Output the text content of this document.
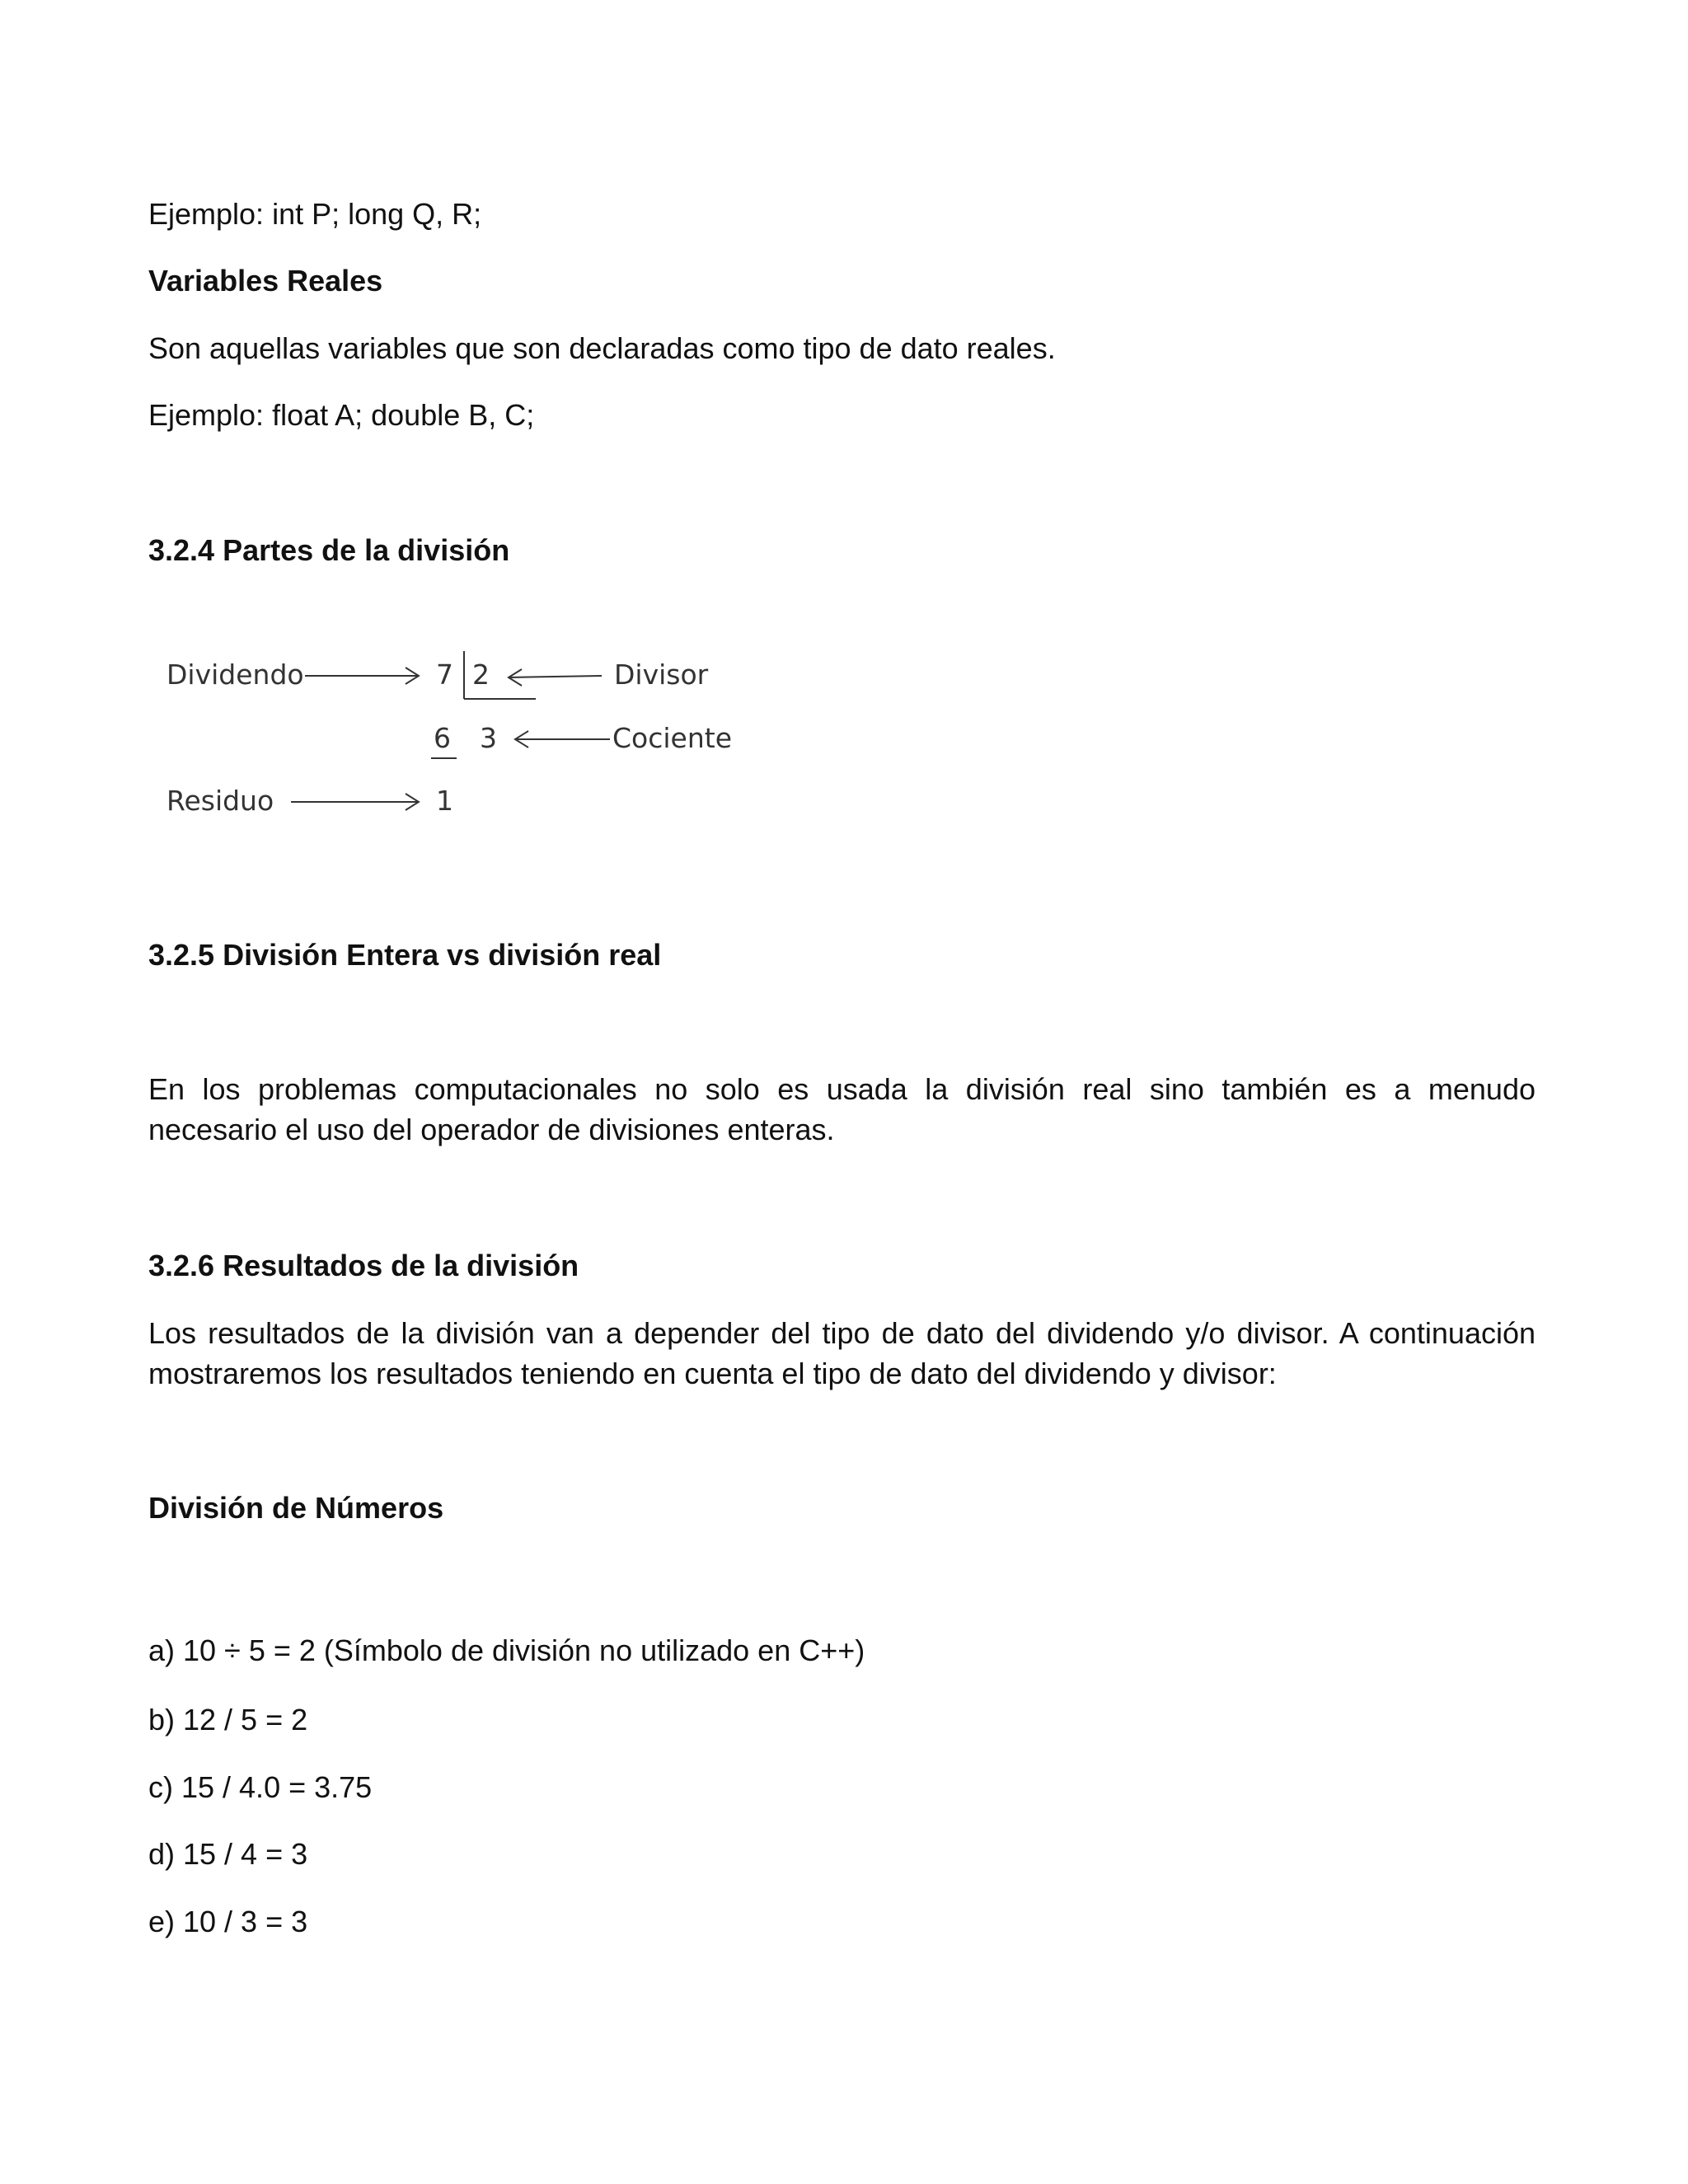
Ejemplo: int P; long Q, R;

Variables Reales

Son aquellas variables que son declaradas como tipo de dato reales.

Ejemplo: float A; double B, C;

3.2.4 Partes de la división

Dividendo	7 2	Divisor
6 3	Cociente
Residuo	1

3.2.5 División Entera vs división real

En los problemas computacionales no solo es usada la división real sino también es a menudo
necesario el uso del operador de divisiones enteras.

3.2.6 Resultados de la división

Los resultados de la división van a depender del tipo de dato del dividendo y/o divisor. A continuación
mostraremos los resultados teniendo en cuenta el tipo de dato del dividendo y divisor:

División de Números

a) 10 ÷ 5 = 2 (Símbolo de división no utilizado en C++)
b) 12 / 5 = 2
c) 15 / 4.0 = 3.75
d) 15 / 4 = 3
e) 10 / 3 = 3
